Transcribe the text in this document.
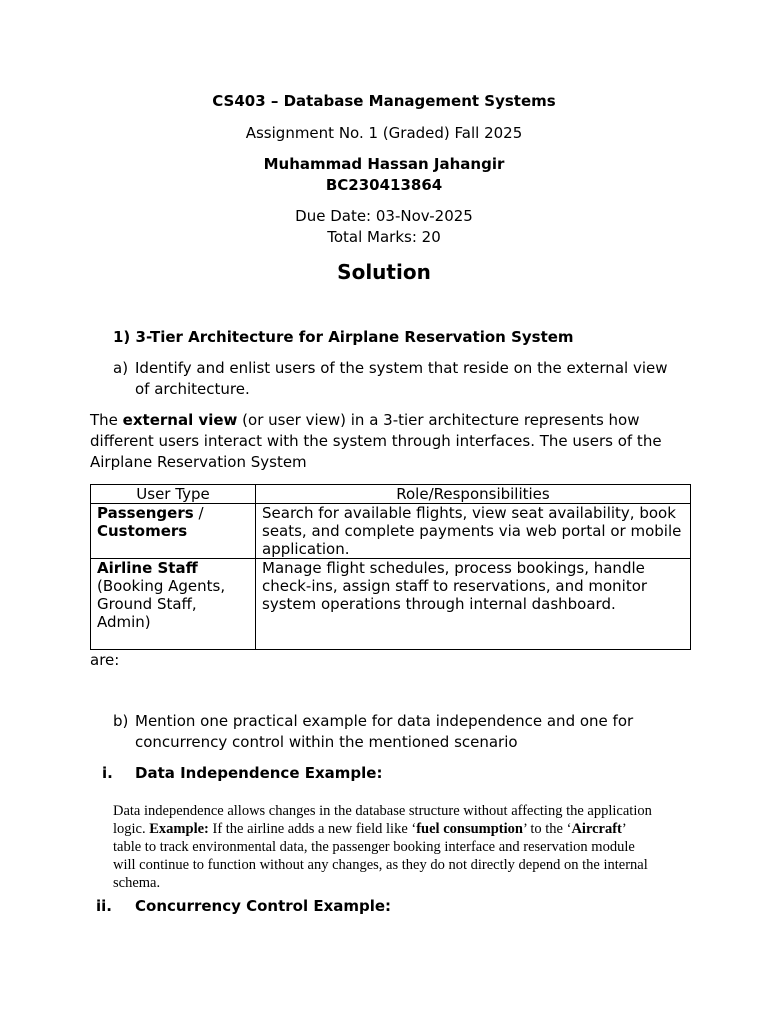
CS403 – Database Management Systems
Assignment No. 1 (Graded) Fall 2025
Muhammad Hassan Jahangir
BC230413864
Due Date: 03-Nov-2025
Total Marks: 20
Solution
1) 3-Tier Architecture for Airplane Reservation System
a) Identify and enlist users of the system that reside on the external view
of architecture.
The external view (or user view) in a 3-tier architecture represents how
different users interact with the system through interfaces. The users of the
Airplane Reservation System
User Type	Role/Responsibilities
Passengers /
Customers	Search for available flights, view seat availability, book
seats, and complete payments via web portal or mobile
application.
Airline Staff
(Booking Agents,
Ground Staff,
Admin)	Manage flight schedules, process bookings, handle
check-ins, assign staff to reservations, and monitor
system operations through internal dashboard.
are:
b) Mention one practical example for data independence and one for
concurrency control within the mentioned scenario
i. Data Independence Example:
Data independence allows changes in the database structure without affecting the application
logic. Example: If the airline adds a new field like ‘fuel consumption’ to the ‘Aircraft’
table to track environmental data, the passenger booking interface and reservation module
will continue to function without any changes, as they do not directly depend on the internal
schema.
ii. Concurrency Control Example:
